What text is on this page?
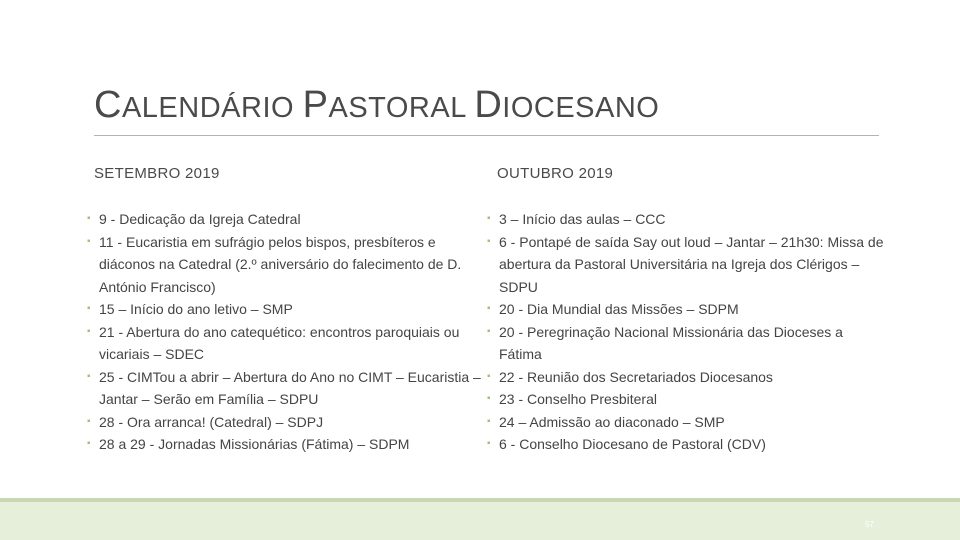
CALENDÁRIO PASTORAL DIOCESANO
SETEMBRO 2019	OUTUBRO 2019
▪ 9 - Dedicação da Igreja Catedral
▪ 11 - Eucaristia em sufrágio pelos bispos, presbíteros e diáconos na Catedral (2.º aniversário do falecimento de D. António Francisco)
▪ 15 – Início do ano letivo – SMP
▪ 21 - Abertura do ano catequético: encontros paroquiais ou vicariais – SDEC
▪ 25 - CIMTou a abrir – Abertura do Ano no CIMT – Eucaristia – Jantar – Serão em Família – SDPU
▪ 28 - Ora arranca! (Catedral) – SDPJ
▪ 28 a 29 - Jornadas Missionárias (Fátima) – SDPM
▪ 3 – Início das aulas – CCC
▪ 6 - Pontapé de saída Say out loud – Jantar – 21h30: Missa de abertura da Pastoral Universitária na Igreja dos Clérigos – SDPU
▪ 20 - Dia Mundial das Missões – SDPM
▪ 20 - Peregrinação Nacional Missionária das Dioceses a Fátima
▪ 22 - Reunião dos Secretariados Diocesanos
▪ 23 - Conselho Presbiteral
▪ 24 – Admissão ao diaconado – SMP
▪ 6 - Conselho Diocesano de Pastoral (CDV)
57
